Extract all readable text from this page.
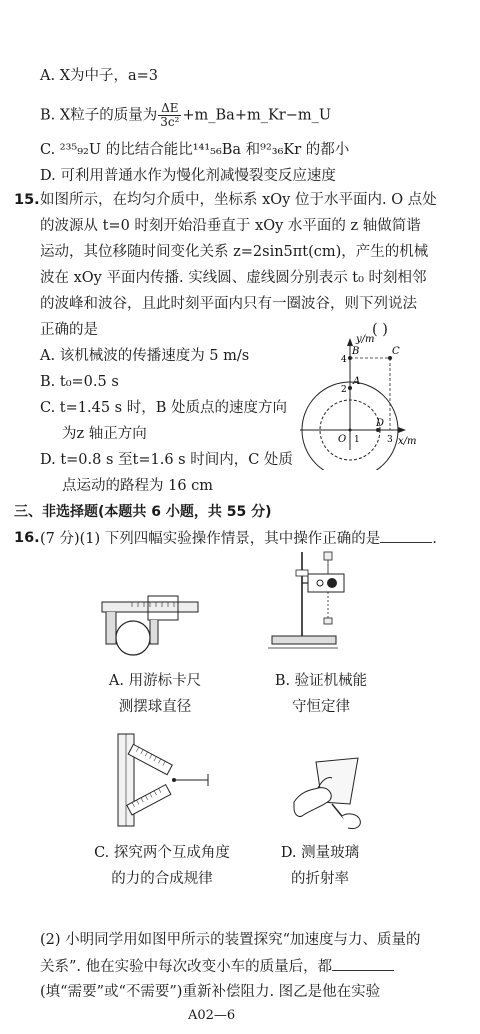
A. X为中子，a=3
B. X粒子的质量为 $\frac{\Delta E}{\text{3c²}}$ +m_Ba+m_Kr−m_U
C. ²³⁵₉₂U 的比结合能比¹⁴¹₅₆Ba 和⁹²₃₆Kr 的都小
D. 可利用普通水作为慢化剂减慢裂变反应速度
15. 如图所示，在均匀介质中，坐标系 xOy 位于水平面内. O 点处
的波源从 t=0 时刻开始沿垂直于 xOy 水平面的 z 轴做简谐
运动，其位移随时间变化关系 z=2sin5πt(cm)，产生的机械
波在 xOy 平面内传播. 实线圆、虚线圆分别表示 t₀ 时刻相邻
的波峰和波谷，且此时刻平面内只有一圈波谷，则下列说法
正确的是	( )
A. 该机械波的传播速度为 5 m/s
B. t₀=0.5 s
C. t=1.45 s 时，B 处质点的速度方向
为z 轴正方向
D. t=0.8 s 至t=1.6 s 时间内，C 处质
点运动的路程为 16 cm
y/m
x/m
O
4
2
1	3
B	C
A
D
三、非选择题(本题共 6 小题，共 55 分)
16. (7 分)(1) 下列四幅实验操作情景，其中操作正确的是	.
A. 用游标卡尺
测摆球直径
B. 验证机械能
守恒定律
C. 探究两个互成角度
的力的合成规律
D. 测量玻璃
的折射率
(2) 小明同学用如图甲所示的装置探究“加速度与力、质量的
关系”. 他在实验中每次改变小车的质量后，都
(填“需要”或“不需要”)重新补偿阻力. 图乙是他在实验
A02—6
